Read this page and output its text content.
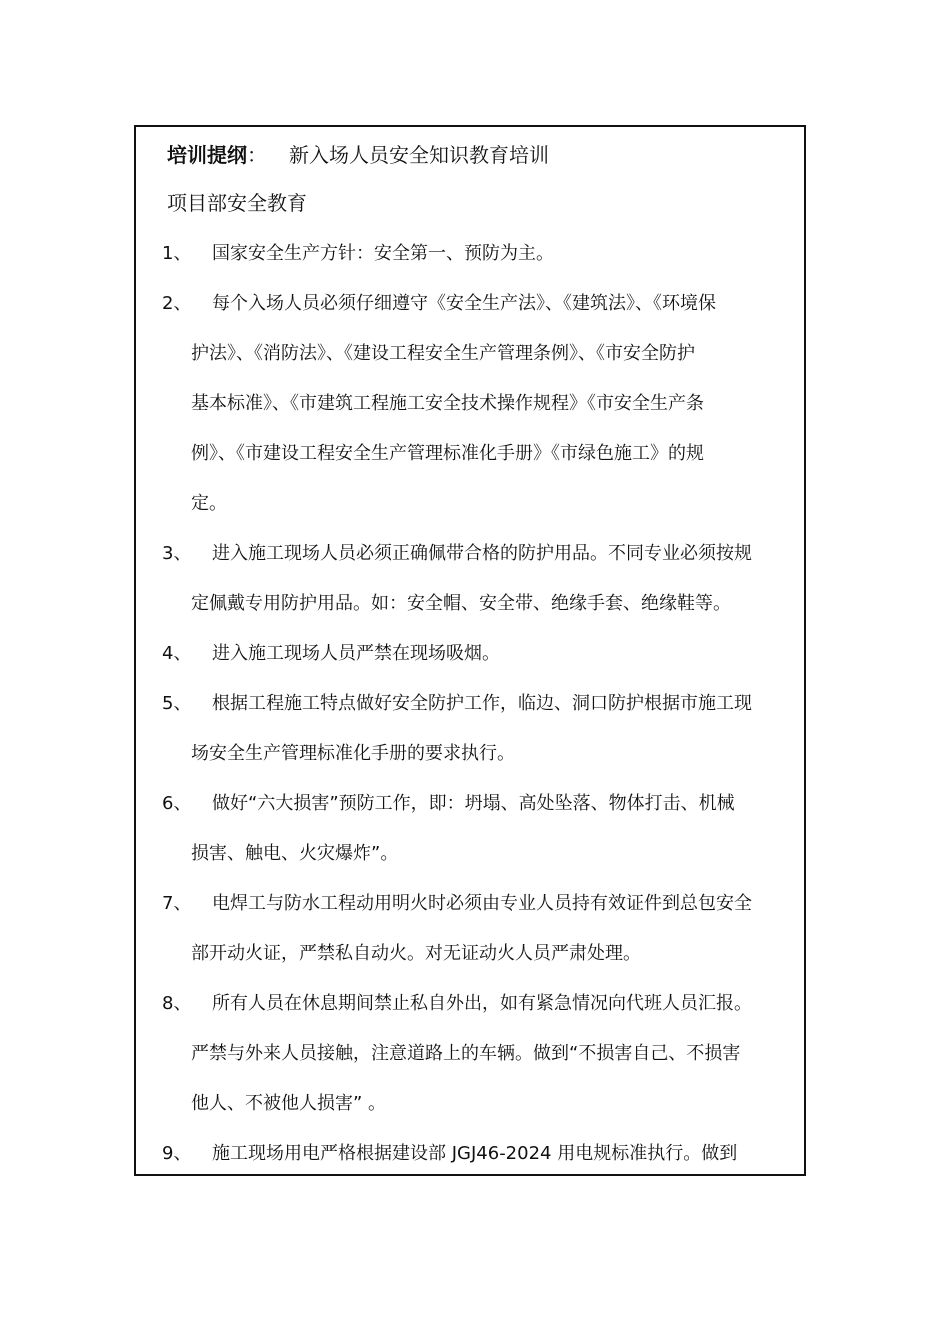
培训提纲： 新入场人员安全知识教育培训
项目部安全教育
1、 国家安全生产方针：安全第一、预防为主。
2、 每个入场人员必须仔细遵守《安全生产法》、《建筑法》、《环境保
护法》、《消防法》、《建设工程安全生产管理条例》、《市安全防护
基本标准》、《市建筑工程施工安全技术操作规程》《市安全生产条
例》、《市建设工程安全生产管理标准化手册》《市绿色施工》的规
定。
3、 进入施工现场人员必须正确佩带合格的防护用品。不同专业必须按规
定佩戴专用防护用品。如：安全帽、安全带、绝缘手套、绝缘鞋等。
4、 进入施工现场人员严禁在现场吸烟。
5、 根据工程施工特点做好安全防护工作，临边、洞口防护根据市施工现
场安全生产管理标准化手册的要求执行。
6、 做好“六大损害”预防工作，即：坍塌、高处坠落、物体打击、机械
损害、触电、火灾爆炸”。
7、 电焊工与防水工程动用明火时必须由专业人员持有效证件到总包安全
部开动火证，严禁私自动火。对无证动火人员严肃处理。
8、 所有人员在休息期间禁止私自外出，如有紧急情况向代班人员汇报。
严禁与外来人员接触，注意道路上的车辆。做到“不损害自己、不损害
他人、不被他人损害” 。
9、 施工现场用电严格根据建设部 JGJ46-2024 用电规标准执行。做到
